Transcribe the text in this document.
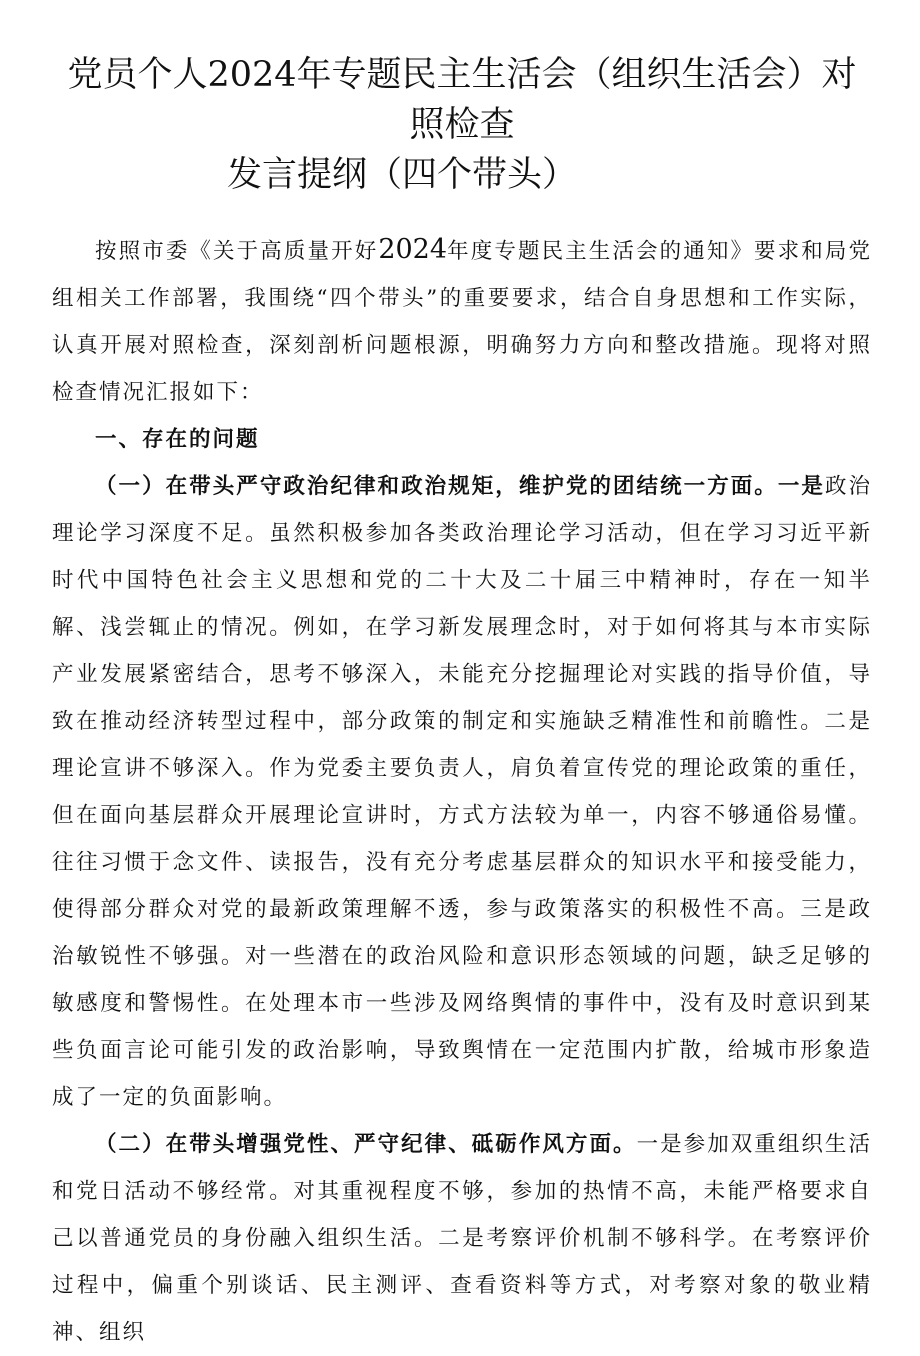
党员个人2024年专题民主生活会（组织生活会）对照检查
发言提纲（四个带头）

按照市委《关于高质量开好2024年度专题民主生活会的通知》要求和局党组相关工作部署，我围绕“四个带头”的重要要求，结合自身思想和工作实际，认真开展对照检查，深刻剖析问题根源，明确努力方向和整改措施。现将对照检查情况汇报如下：

一、存在的问题

（一）在带头严守政治纪律和政治规矩，维护党的团结统一方面。一是政治理论学习深度不足。虽然积极参加各类政治理论学习活动，但在学习习近平新时代中国特色社会主义思想和党的二十大及二十届三中精神时，存在一知半解、浅尝辄止的情况。例如，在学习新发展理念时，对于如何将其与本市实际产业发展紧密结合，思考不够深入，未能充分挖掘理论对实践的指导价值，导致在推动经济转型过程中，部分政策的制定和实施缺乏精准性和前瞻性。二是理论宣讲不够深入。作为党委主要负责人，肩负着宣传党的理论政策的重任，但在面向基层群众开展理论宣讲时，方式方法较为单一，内容不够通俗易懂。往往习惯于念文件、读报告，没有充分考虑基层群众的知识水平和接受能力，使得部分群众对党的最新政策理解不透，参与政策落实的积极性不高。三是政治敏锐性不够强。对一些潜在的政治风险和意识形态领域的问题，缺乏足够的敏感度和警惕性。在处理本市一些涉及网络舆情的事件中，没有及时意识到某些负面言论可能引发的政治影响，导致舆情在一定范围内扩散，给城市形象造成了一定的负面影响。

（二）在带头增强党性、严守纪律、砥砺作风方面。一是参加双重组织生活和党日活动不够经常。对其重视程度不够，参加的热情不高，未能严格要求自己以普通党员的身份融入组织生活。二是考察评价机制不够科学。在考察评价过程中，偏重个别谈话、民主测评、查看资料等方式，对考察对象的敬业精神、组织
